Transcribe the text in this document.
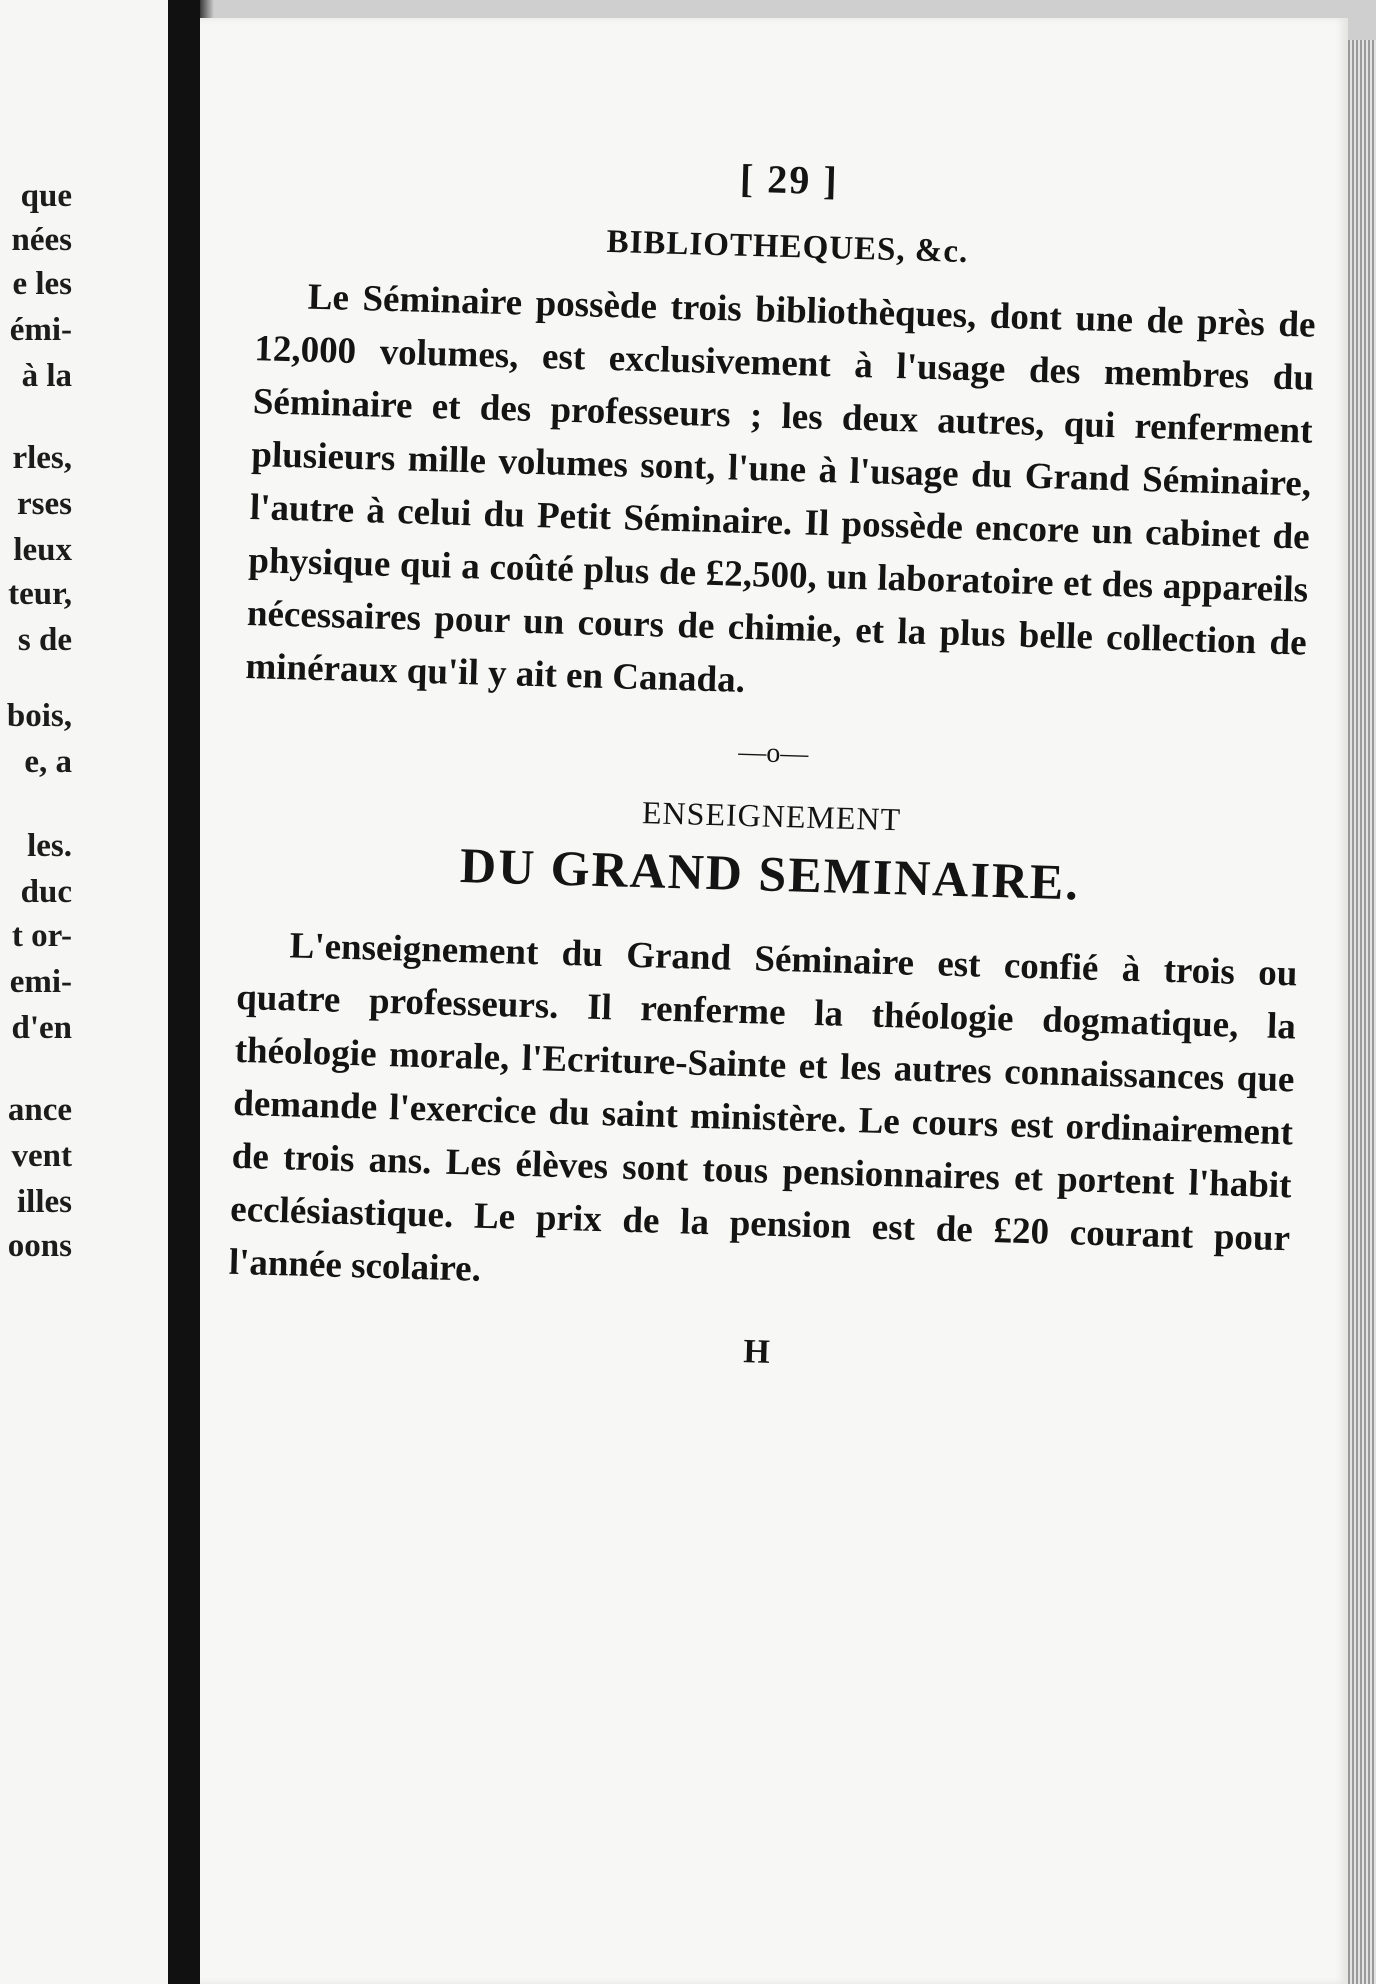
que
nées
e les
émi-
à la
rles,
rses
leux
teur,
s de
bois,
e, a
les.
duc
t or-
emi-
d'en
ance
vent
illes
oons
[ 29 ]
BIBLIOTHEQUES, &c.

Le Séminaire possède trois bibliothèques, dont une de près de 12,000 volumes, est exclusivement à l'usage des membres du Séminaire et des professeurs ; les deux autres, qui renferment plusieurs mille volumes sont, l'une à l'usage du Grand Séminaire, l'autre à celui du Petit Séminaire. Il possède encore un cabinet de physique qui a coûté plus de £2,500, un laboratoire et des appareils nécessaires pour un cours de chimie, et la plus belle collection de minéraux qu'il y ait en Canada.

—o—
ENSEIGNEMENT
DU GRAND SEMINAIRE.

L'enseignement du Grand Séminaire est confié à trois ou quatre professeurs. Il renferme la théologie dogmatique, la théologie morale, l'Ecriture-Sainte et les autres connaissances que demande l'exercice du saint ministère. Le cours est ordinairement de trois ans. Les élèves sont tous pensionnaires et portent l'habit ecclésiastique. Le prix de la pension est de £20 courant pour l'année scolaire.

H
